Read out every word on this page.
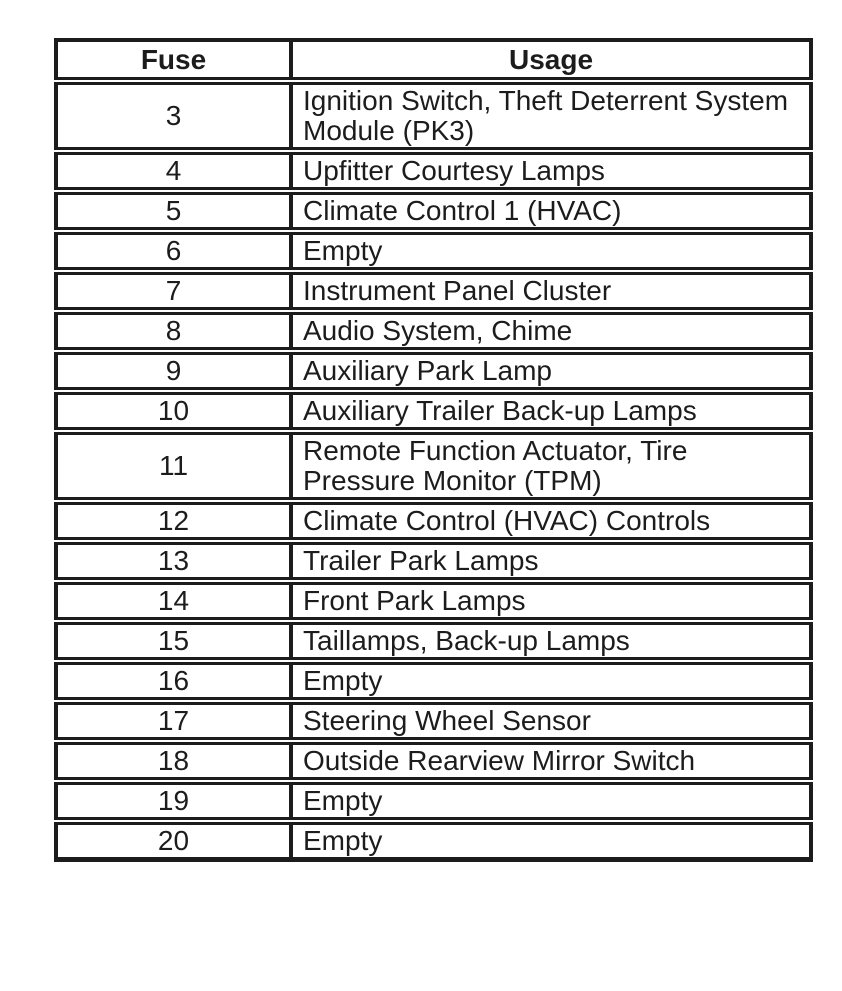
Fuse	Usage
3	Ignition Switch, Theft Deterrent System Module (PK3)
4	Upfitter Courtesy Lamps
5	Climate Control 1 (HVAC)
6	Empty
7	Instrument Panel Cluster
8	Audio System, Chime
9	Auxiliary Park Lamp
10	Auxiliary Trailer Back-up Lamps
11	Remote Function Actuator, Tire Pressure Monitor (TPM)
12	Climate Control (HVAC) Controls
13	Trailer Park Lamps
14	Front Park Lamps
15	Taillamps, Back-up Lamps
16	Empty
17	Steering Wheel Sensor
18	Outside Rearview Mirror Switch
19	Empty
20	Empty
